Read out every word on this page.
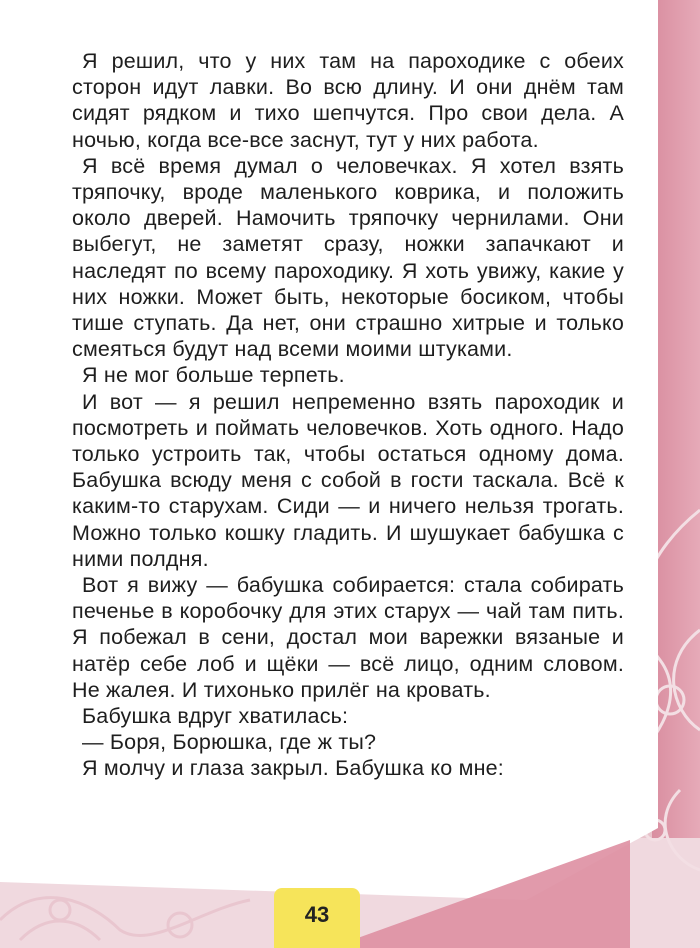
Я решил, что у них там на пароходике с обеих сторон идут лавки. Во всю длину. И они днём там сидят рядком и тихо шепчутся. Про свои дела. А ночью, когда все-все заснут, тут у них работа.

Я всё время думал о человечках. Я хотел взять тряпочку, вроде маленького коврика, и положить около дверей. Намочить тряпочку чернилами. Они выбегут, не заметят сразу, ножки запачкают и наследят по всему пароходику. Я хоть увижу, какие у них ножки. Может быть, некоторые босиком, чтобы тише ступать. Да нет, они страшно хитрые и только смеяться будут над всеми моими штуками.

Я не мог больше терпеть.

И вот — я решил непременно взять пароходик и посмотреть и поймать человечков. Хоть одного. Надо только устроить так, чтобы остаться одному дома. Бабушка всюду меня с собой в гости таскала. Всё к каким-то старухам. Сиди — и ничего нельзя трогать. Можно только кошку гладить. И шушукает бабушка с ними полдня.

Вот я вижу — бабушка собирается: стала собирать печенье в коробочку для этих старух — чай там пить. Я побежал в сени, достал мои варежки вязаные и натёр себе лоб и щёки — всё лицо, одним словом. Не жалея. И тихонько прилёг на кровать.

Бабушка вдруг хватилась:

— Боря, Борюшка, где ж ты?

Я молчу и глаза закрыл. Бабушка ко мне:

43
